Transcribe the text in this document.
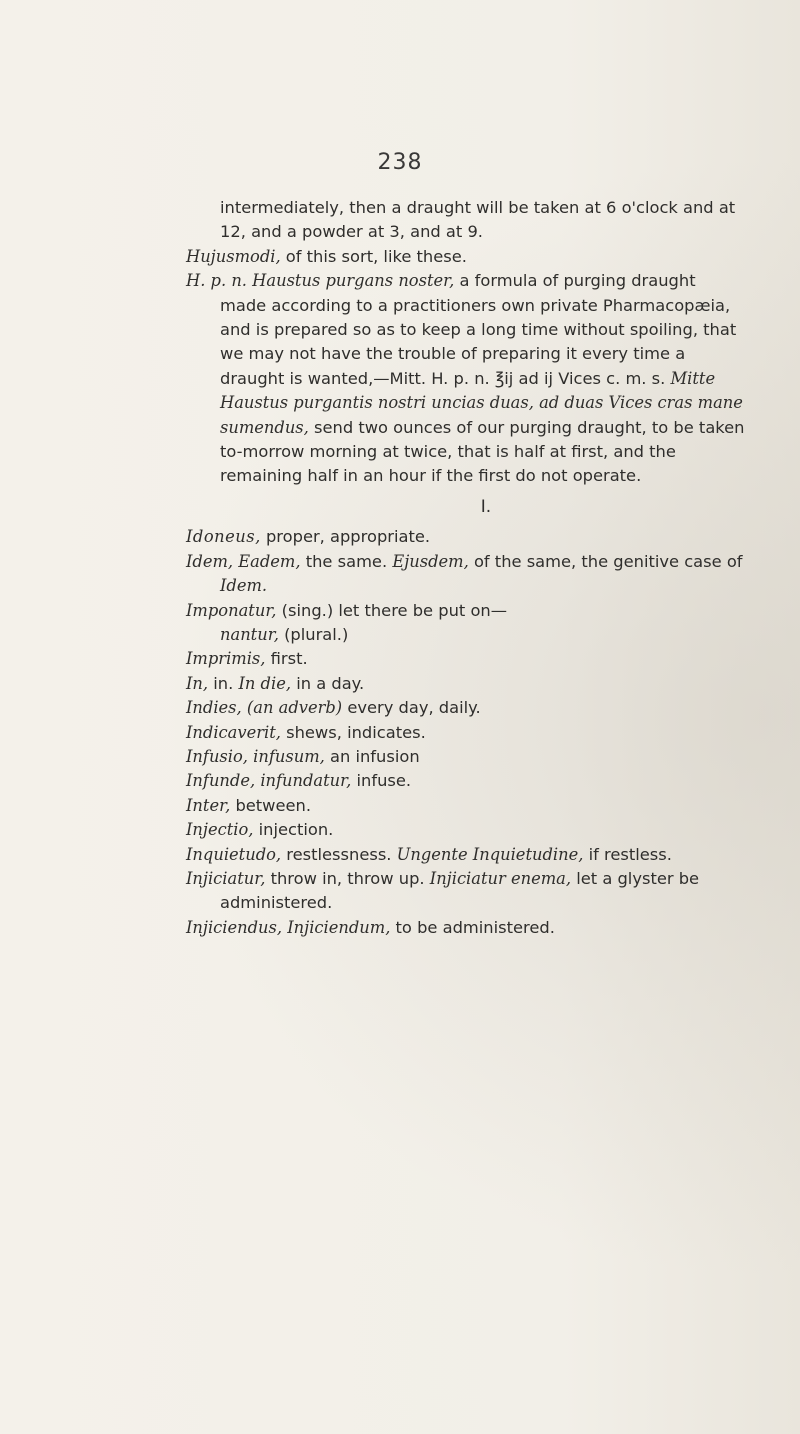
238

intermediately, then a draught will be taken at 6 o'clock and at 12, and a powder at 3, and at 9.

Hujusmodi, of this sort, like these.

H. p. n. Haustus purgans noster, a formula of purging draught made according to a practitioners own private Pharmacopæia, and is prepared so as to keep a long time without spoiling, that we may not have the trouble of preparing it every time a draught is wanted,—Mitt. H. p. n. ℥ij ad ij Vices c. m. s. Mitte Haustus purgantis nostri uncias duas, ad duas Vices cras mane sumendus, send two ounces of our purging draught, to be taken to-morrow morning at twice, that is half at first, and the remaining half in an hour if the first do not operate.

I.

Idoneus, proper, appropriate.

Idem, Eadem, the same. Ejusdem, of the same, the genitive case of Idem.

Imponatur, (sing.) let there be put on—

nantur, (plural.)

Imprimis, first.

In, in. In die, in a day.

Indies, (an adverb) every day, daily.

Indicaverit, shews, indicates.

Infusio, infusum, an infusion

Infunde, infundatur, infuse.

Inter, between.

Injectio, injection.

Inquietudo, restlessness. Ungente Inquietudine, if restless.

Injiciatur, throw in, throw up. Injiciatur enema, let a glyster be administered.

Injiciendus, Injiciendum, to be administered.
